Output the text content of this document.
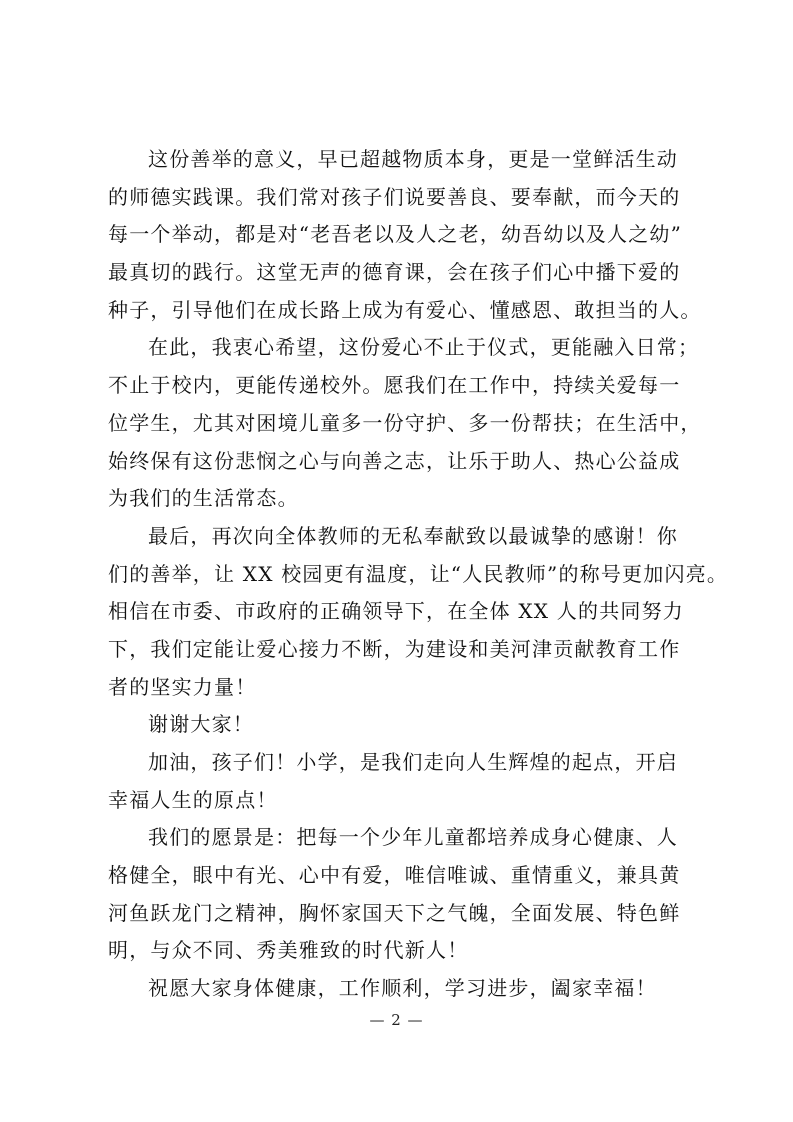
这份善举的意义，早已超越物质本身，更是一堂鲜活生动
的师德实践课。我们常对孩子们说要善良、要奉献，而今天的
每一个举动，都是对“老吾老以及人之老，幼吾幼以及人之幼”
最真切的践行。这堂无声的德育课，会在孩子们心中播下爱的
种子，引导他们在成长路上成为有爱心、懂感恩、敢担当的人。
在此，我衷心希望，这份爱心不止于仪式，更能融入日常；
不止于校内，更能传递校外。愿我们在工作中，持续关爱每一
位学生，尤其对困境儿童多一份守护、多一份帮扶；在生活中，
始终保有这份悲悯之心与向善之志，让乐于助人、热心公益成
为我们的生活常态。
最后，再次向全体教师的无私奉献致以最诚挚的感谢！你
们的善举，让 XX 校园更有温度，让“人民教师”的称号更加闪亮。
相信在市委、市政府的正确领导下，在全体 XX 人的共同努力
下，我们定能让爱心接力不断，为建设和美河津贡献教育工作
者的坚实力量！
谢谢大家！
加油，孩子们！小学，是我们走向人生辉煌的起点，开启
幸福人生的原点！
我们的愿景是：把每一个少年儿童都培养成身心健康、人
格健全，眼中有光、心中有爱，唯信唯诚、重情重义，兼具黄
河鱼跃龙门之精神，胸怀家国天下之气魄，全面发展、特色鲜
明，与众不同、秀美雅致的时代新人！
祝愿大家身体健康，工作顺利，学习进步，阖家幸福！
— 2 —
